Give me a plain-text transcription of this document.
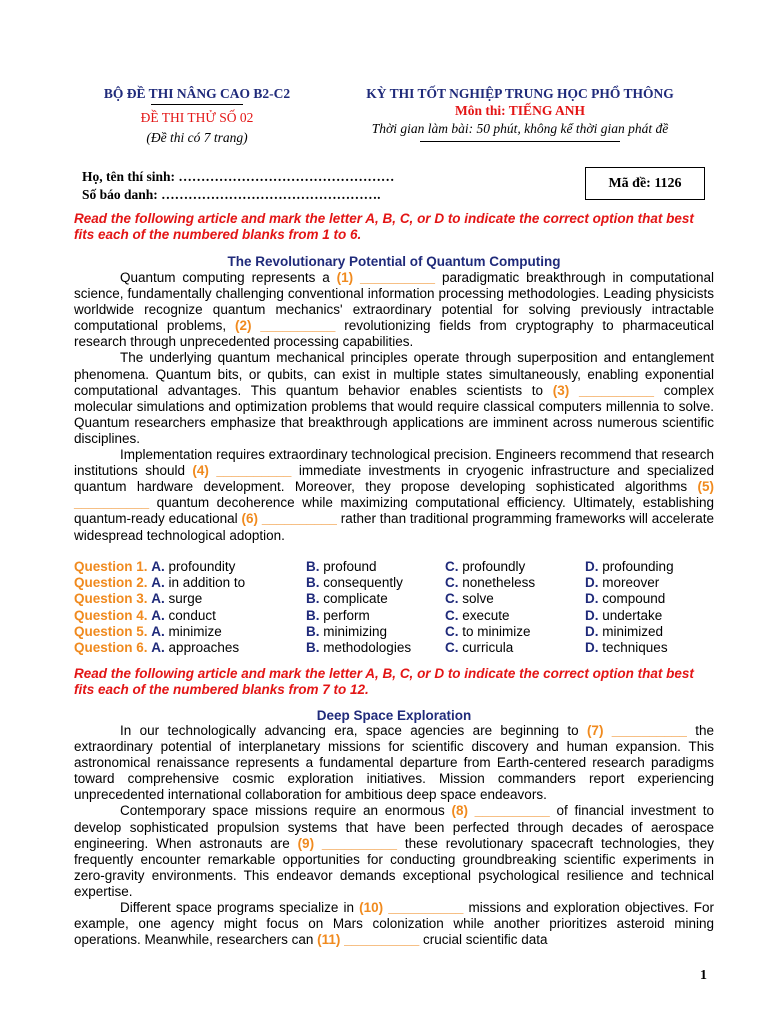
BỘ ĐỀ THI NÂNG CAO B2-C2
ĐỀ THI THỬ SỐ 02
(Đề thi có 7 trang)
KỲ THI TỐT NGHIỆP TRUNG HỌC PHỔ THÔNG
Môn thi: TIẾNG ANH
Thời gian làm bài: 50 phút, không kể thời gian phát đề
Họ, tên thí sinh: …………………………………………
Số báo danh: ………………………………………….
Mã đề: 1126
Read the following article and mark the letter A, B, C, or D to indicate the correct option that best fits each of the numbered blanks from 1 to 6.
The Revolutionary Potential of Quantum Computing

Quantum computing represents a (1) __________ paradigmatic breakthrough in computational science, fundamentally challenging conventional information processing methodologies. Leading physicists worldwide recognize quantum mechanics' extraordinary potential for solving previously intractable computational problems, (2) __________ revolutionizing fields from cryptography to pharmaceutical research through unprecedented processing capabilities.

The underlying quantum mechanical principles operate through superposition and entanglement phenomena. Quantum bits, or qubits, can exist in multiple states simultaneously, enabling exponential computational advantages. This quantum behavior enables scientists to (3) __________ complex molecular simulations and optimization problems that would require classical computers millennia to solve. Quantum researchers emphasize that breakthrough applications are imminent across numerous scientific disciplines.

Implementation requires extraordinary technological precision. Engineers recommend that research institutions should (4) __________ immediate investments in cryogenic infrastructure and specialized quantum hardware development. Moreover, they propose developing sophisticated algorithms (5) __________ quantum decoherence while maximizing computational efficiency. Ultimately, establishing quantum-ready educational (6) __________ rather than traditional programming frameworks will accelerate widespread technological adoption.

Question 1. A. profoundity	B. profound	C. profoundly	D. profounding
Question 2. A. in addition to	B. consequently	C. nonetheless	D. moreover
Question 3. A. surge	B. complicate	C. solve	D. compound
Question 4. A. conduct	B. perform	C. execute	D. undertake
Question 5. A. minimize	B. minimizing	C. to minimize	D. minimized
Question 6. A. approaches	B. methodologies	C. curricula	D. techniques
Read the following article and mark the letter A, B, C, or D to indicate the correct option that best fits each of the numbered blanks from 7 to 12.
Deep Space Exploration

In our technologically advancing era, space agencies are beginning to (7) __________ the extraordinary potential of interplanetary missions for scientific discovery and human expansion. This astronomical renaissance represents a fundamental departure from Earth-centered research paradigms toward comprehensive cosmic exploration initiatives. Mission commanders report experiencing unprecedented international collaboration for ambitious deep space endeavors.

Contemporary space missions require an enormous (8) __________ of financial investment to develop sophisticated propulsion systems that have been perfected through decades of aerospace engineering. When astronauts are (9) __________ these revolutionary spacecraft technologies, they frequently encounter remarkable opportunities for conducting groundbreaking scientific experiments in zero-gravity environments. This endeavor demands exceptional psychological resilience and technical expertise.

Different space programs specialize in (10) __________ missions and exploration objectives. For example, one agency might focus on Mars colonization while another prioritizes asteroid mining operations. Meanwhile, researchers can (11) __________ crucial scientific data

1
